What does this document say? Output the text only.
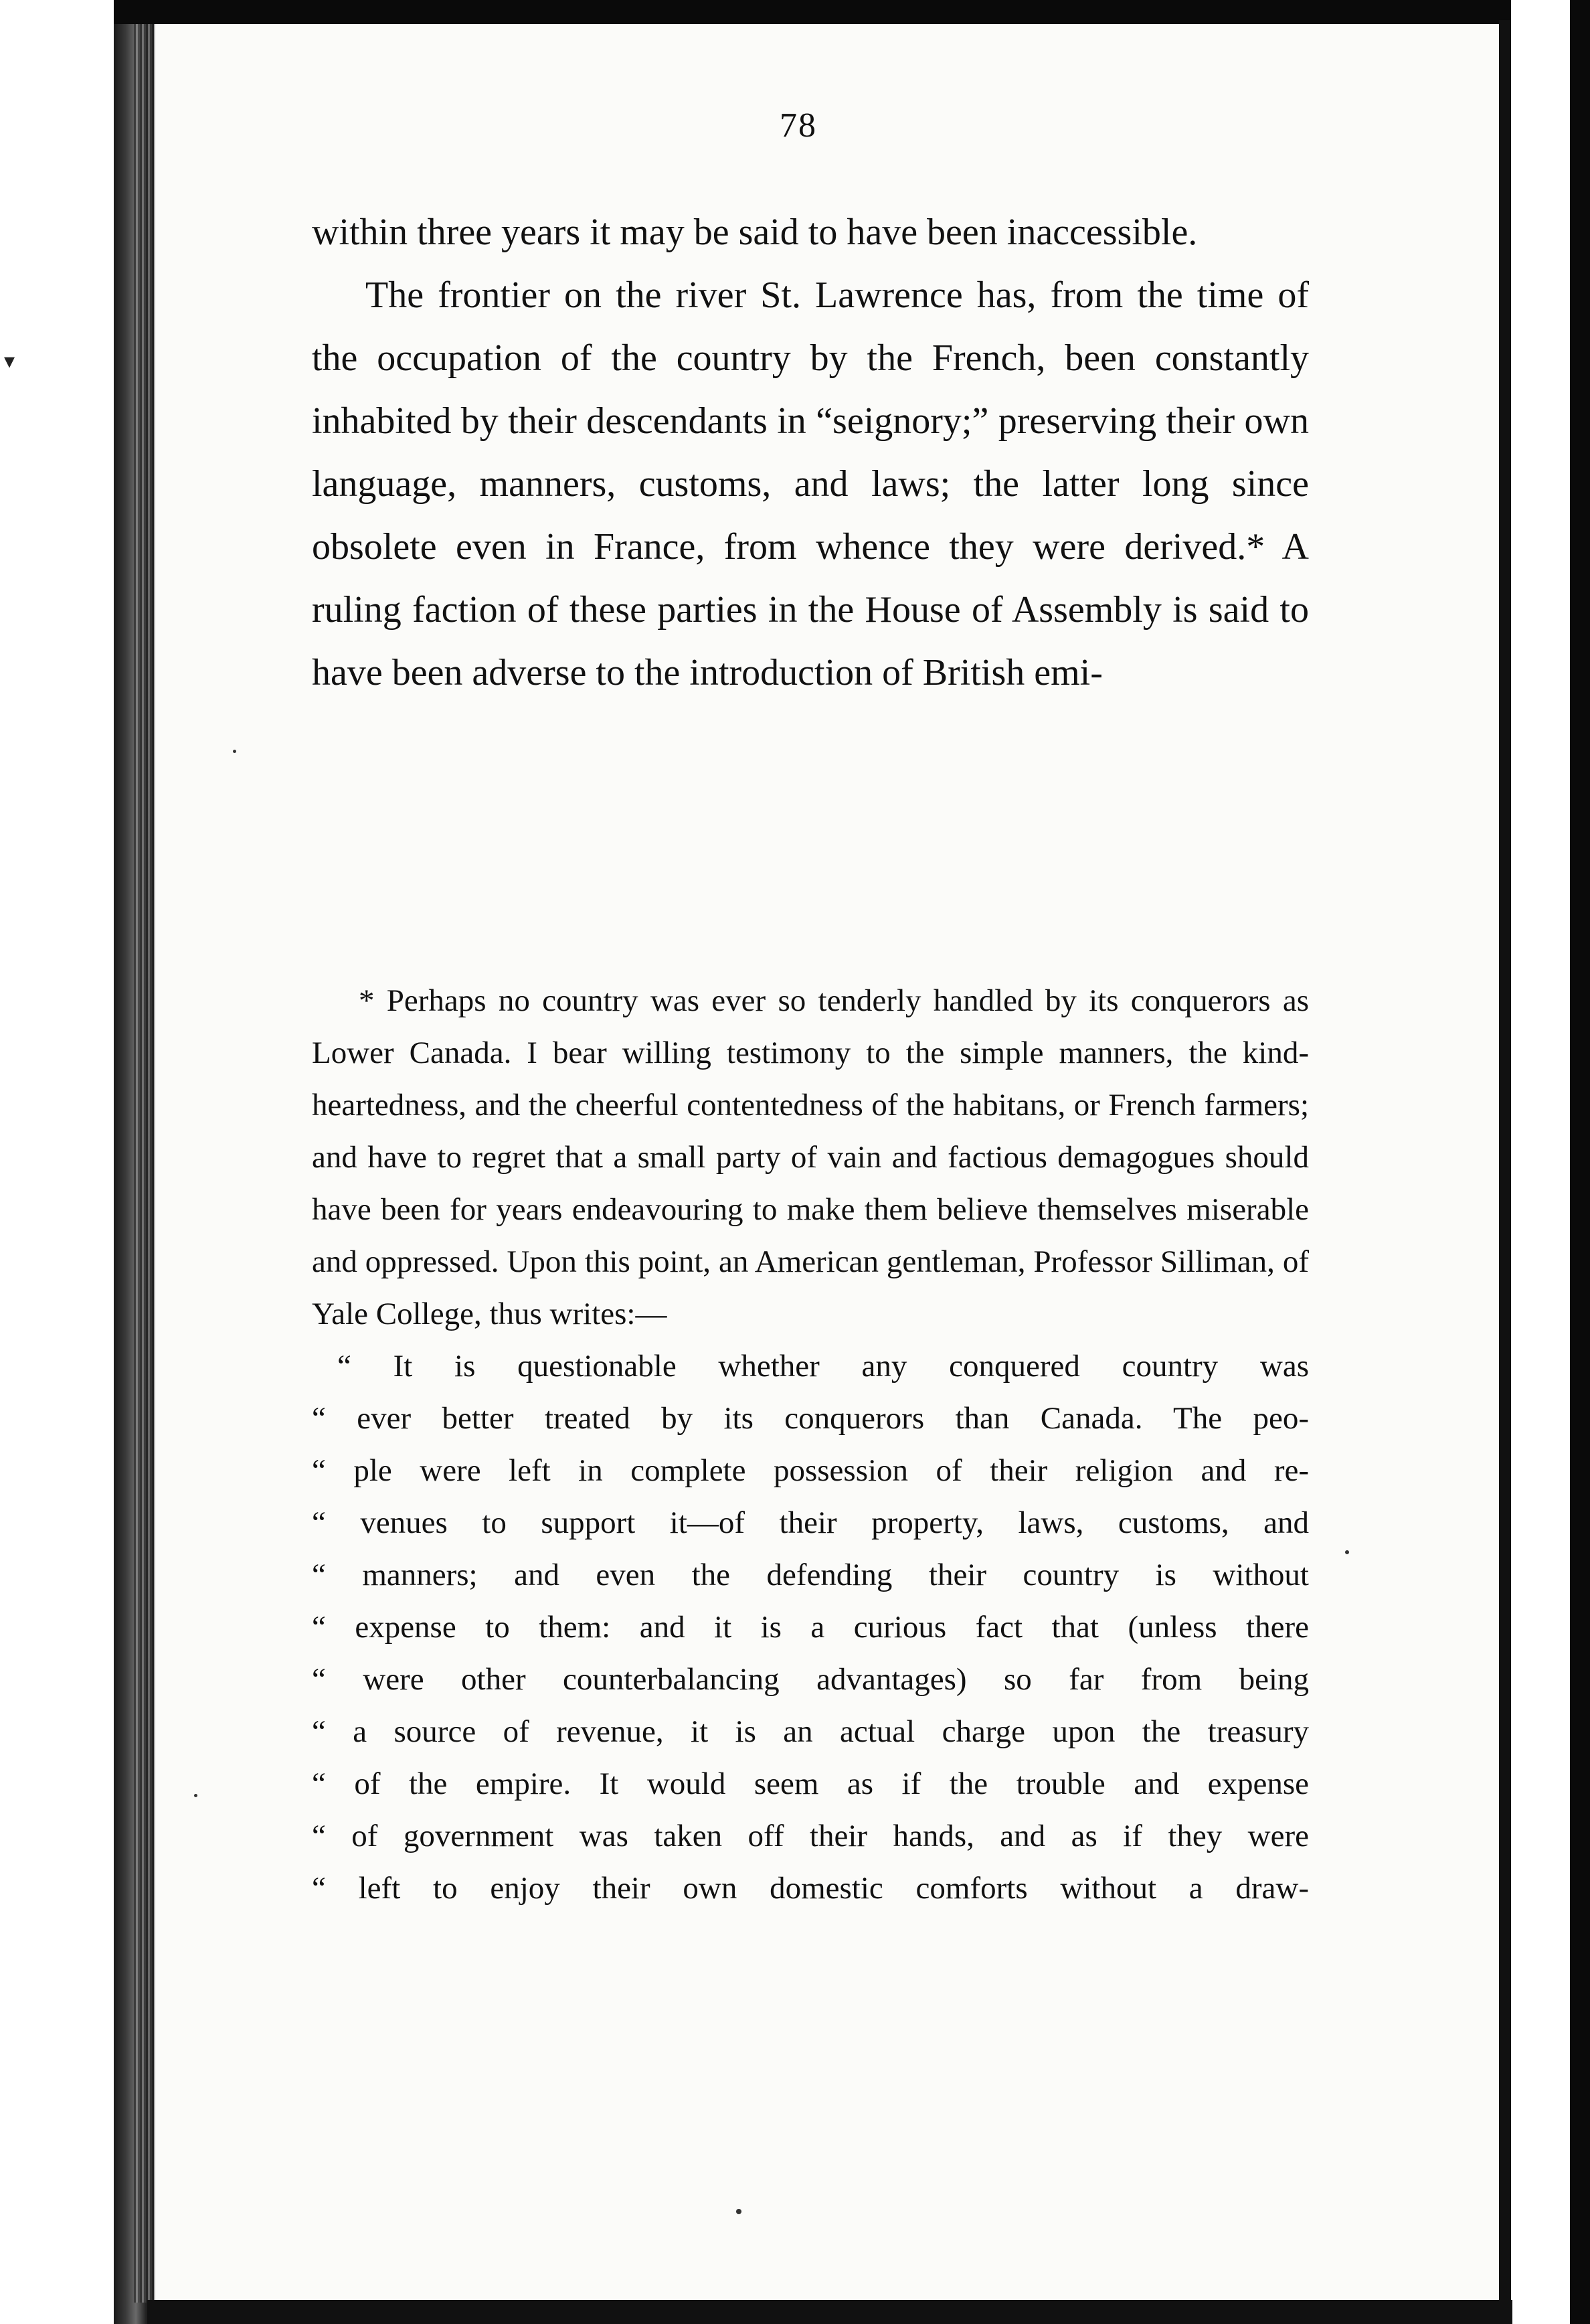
▾
78

within three years it may be said to have been inaccessible.

The frontier on the river St. Lawrence has, from the time of the occupation of the country by the French, been constantly inhabited by their descendants in “seignory;” preserving their own language, manners, customs, and laws; the latter long since obsolete even in France, from whence they were derived.* A ruling faction of these parties in the House of Assembly is said to have been adverse to the introduction of British emi-

* Perhaps no country was ever so tenderly handled by its conquerors as Lower Canada. I bear willing testimony to the simple manners, the kind-heartedness, and the cheerful contentedness of the habitans, or French farmers; and have to regret that a small party of vain and factious demagogues should have been for years endeavouring to make them believe themselves miserable and oppressed. Upon this point, an American gentleman, Professor Silliman, of Yale College, thus writes:—

“ It is questionable whether any conquered country was
“ ever better treated by its conquerors than Canada. The peo-
“ ple were left in complete possession of their religion and re-
“ venues to support it—of their property, laws, customs, and
“ manners; and even the defending their country is without
“ expense to them: and it is a curious fact that (unless there
“ were other counterbalancing advantages) so far from being
“ a source of revenue, it is an actual charge upon the treasury
“ of the empire. It would seem as if the trouble and expense
“ of government was taken off their hands, and as if they were
“ left to enjoy their own domestic comforts without a draw-
